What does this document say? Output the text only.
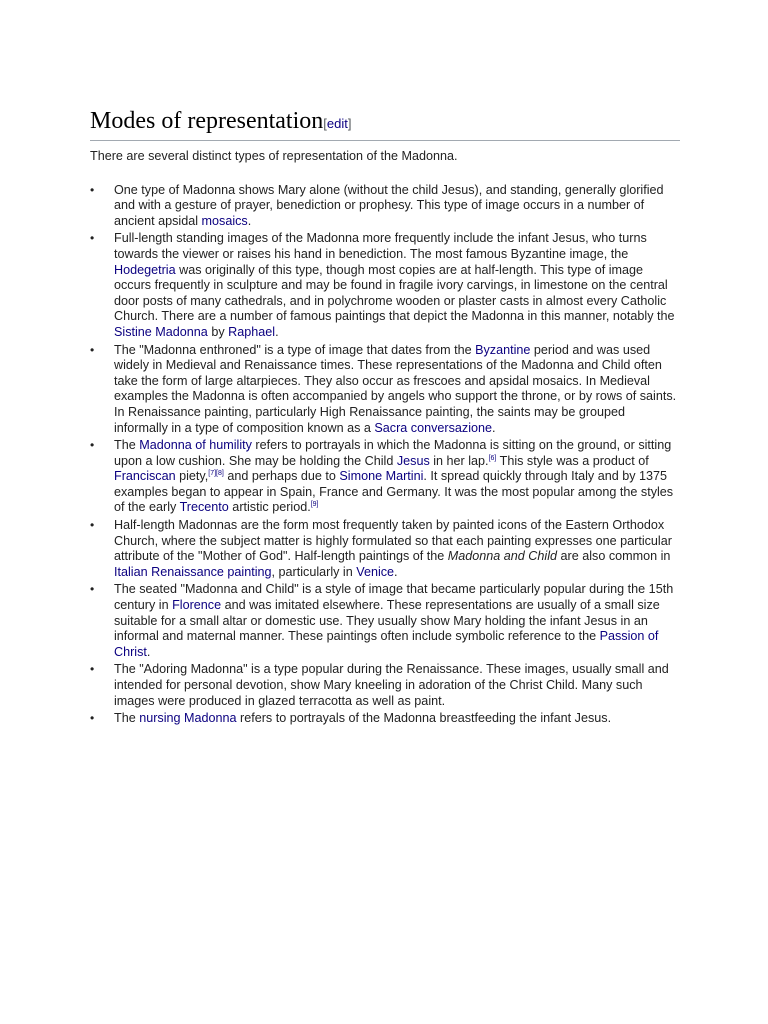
Modes of representation[edit]

There are several distinct types of representation of the Madonna.

• One type of Madonna shows Mary alone (without the child Jesus), and standing, generally glorified and with a gesture of prayer, benediction or prophesy. This type of image occurs in a number of ancient apsidal mosaics.
• Full-length standing images of the Madonna more frequently include the infant Jesus, who turns towards the viewer or raises his hand in benediction. The most famous Byzantine image, the Hodegetria was originally of this type, though most copies are at half-length. This type of image occurs frequently in sculpture and may be found in fragile ivory carvings, in limestone on the central door posts of many cathedrals, and in polychrome wooden or plaster casts in almost every Catholic Church. There are a number of famous paintings that depict the Madonna in this manner, notably the Sistine Madonna by Raphael.
• The "Madonna enthroned" is a type of image that dates from the Byzantine period and was used widely in Medieval and Renaissance times. These representations of the Madonna and Child often take the form of large altarpieces. They also occur as frescoes and apsidal mosaics. In Medieval examples the Madonna is often accompanied by angels who support the throne, or by rows of saints. In Renaissance painting, particularly High Renaissance painting, the saints may be grouped informally in a type of composition known as a Sacra conversazione.
• The Madonna of humility refers to portrayals in which the Madonna is sitting on the ground, or sitting upon a low cushion. She may be holding the Child Jesus in her lap.[6] This style was a product of Franciscan piety,[7][8] and perhaps due to Simone Martini. It spread quickly through Italy and by 1375 examples began to appear in Spain, France and Germany. It was the most popular among the styles of the early Trecento artistic period.[9]
• Half-length Madonnas are the form most frequently taken by painted icons of the Eastern Orthodox Church, where the subject matter is highly formulated so that each painting expresses one particular attribute of the "Mother of God". Half-length paintings of the Madonna and Child are also common in Italian Renaissance painting, particularly in Venice.
• The seated "Madonna and Child" is a style of image that became particularly popular during the 15th century in Florence and was imitated elsewhere. These representations are usually of a small size suitable for a small altar or domestic use. They usually show Mary holding the infant Jesus in an informal and maternal manner. These paintings often include symbolic reference to the Passion of Christ.
• The "Adoring Madonna" is a type popular during the Renaissance. These images, usually small and intended for personal devotion, show Mary kneeling in adoration of the Christ Child. Many such images were produced in glazed terracotta as well as paint.
• The nursing Madonna refers to portrayals of the Madonna breastfeeding the infant Jesus.
